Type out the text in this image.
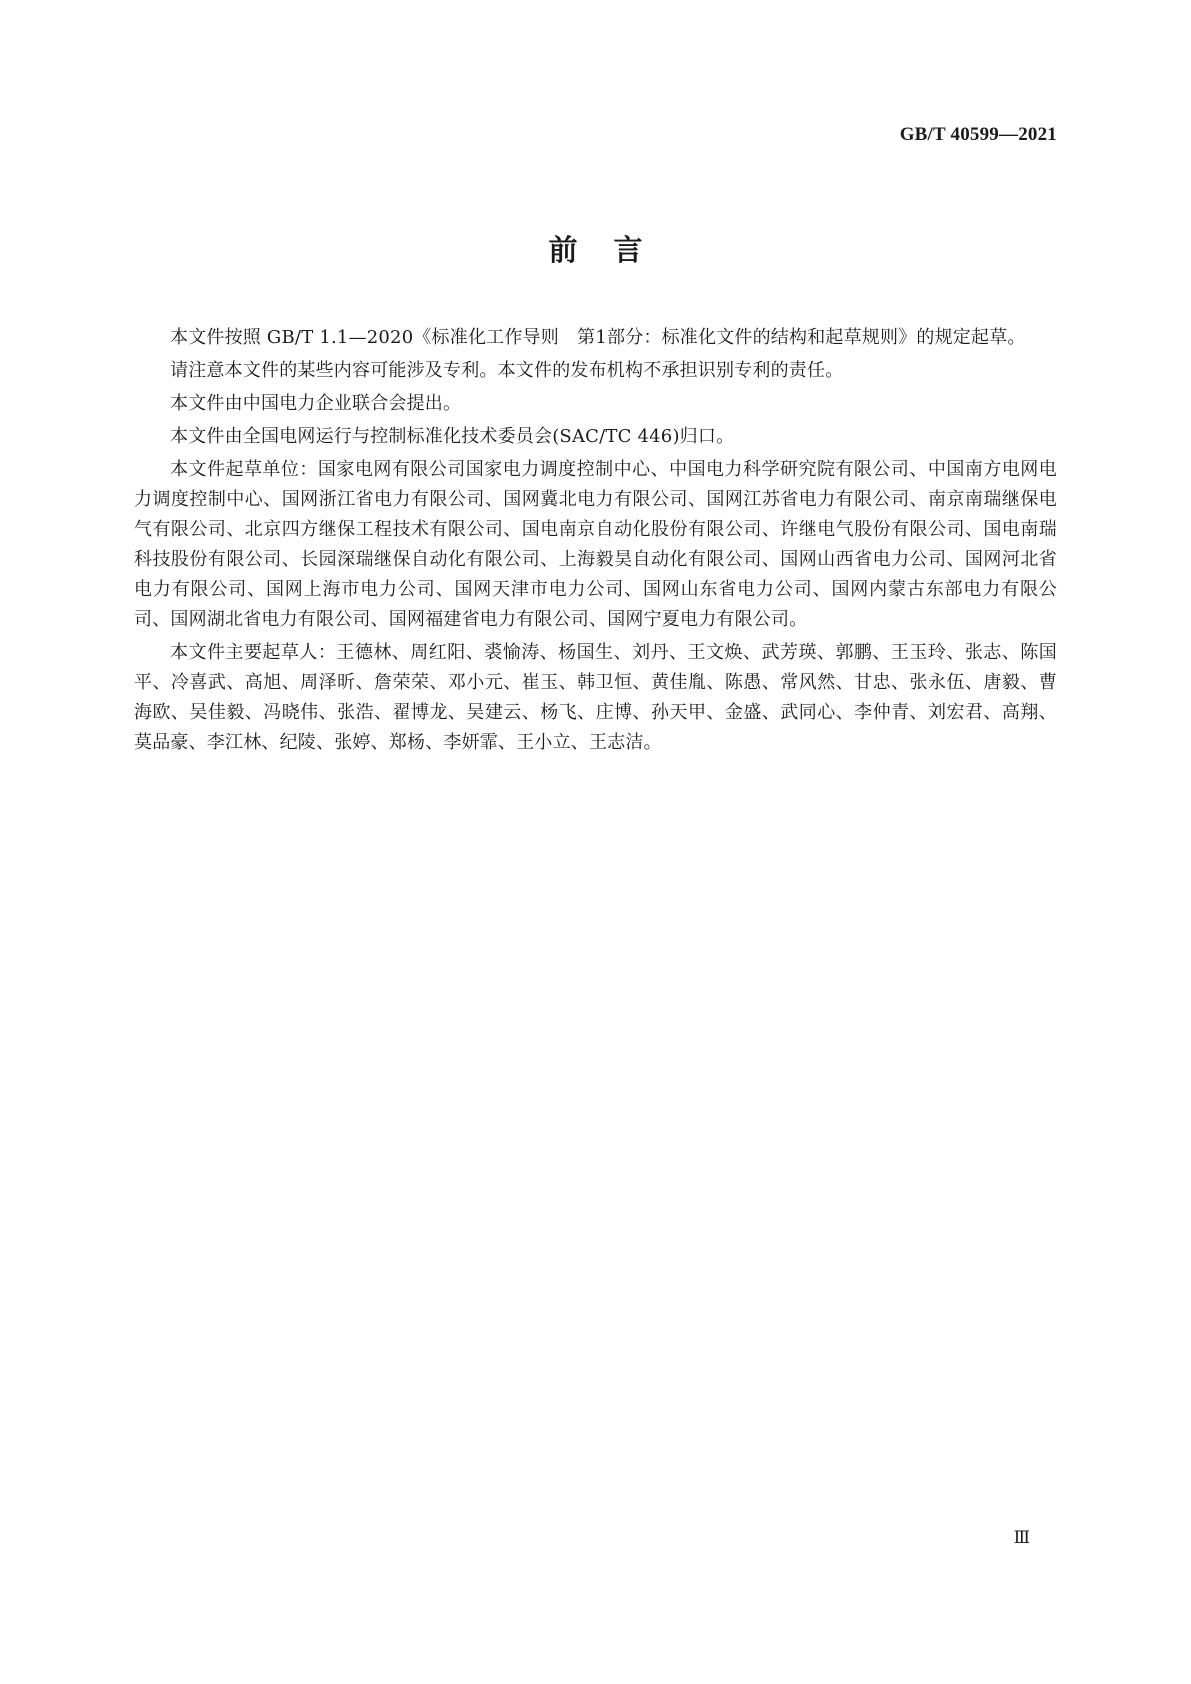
GB/T 40599—2021
前言

本文件按照 GB/T 1.1—2020《标准化工作导则　第1部分：标准化文件的结构和起草规则》的规定起草。

请注意本文件的某些内容可能涉及专利。本文件的发布机构不承担识别专利的责任。

本文件由中国电力企业联合会提出。

本文件由全国电网运行与控制标准化技术委员会(SAC/TC 446)归口。

本文件起草单位：国家电网有限公司国家电力调度控制中心、中国电力科学研究院有限公司、中国南方电网电力调度控制中心、国网浙江省电力有限公司、国网冀北电力有限公司、国网江苏省电力有限公司、南京南瑞继保电气有限公司、北京四方继保工程技术有限公司、国电南京自动化股份有限公司、许继电气股份有限公司、国电南瑞科技股份有限公司、长园深瑞继保自动化有限公司、上海毅昊自动化有限公司、国网山西省电力公司、国网河北省电力有限公司、国网上海市电力公司、国网天津市电力公司、国网山东省电力公司、国网内蒙古东部电力有限公司、国网湖北省电力有限公司、国网福建省电力有限公司、国网宁夏电力有限公司。

本文件主要起草人：王德林、周红阳、裘愉涛、杨国生、刘丹、王文焕、武芳瑛、郭鹏、王玉玲、张志、陈国平、冷喜武、高旭、周泽昕、詹荣荣、邓小元、崔玉、韩卫恒、黄佳胤、陈愚、常风然、甘忠、张永伍、唐毅、曹海欧、吴佳毅、冯晓伟、张浩、翟博龙、吴建云、杨飞、庄博、孙天甲、金盛、武同心、李仲青、刘宏君、高翔、莫品豪、李江林、纪陵、张婷、郑杨、李妍霏、王小立、王志洁。

Ⅲ
